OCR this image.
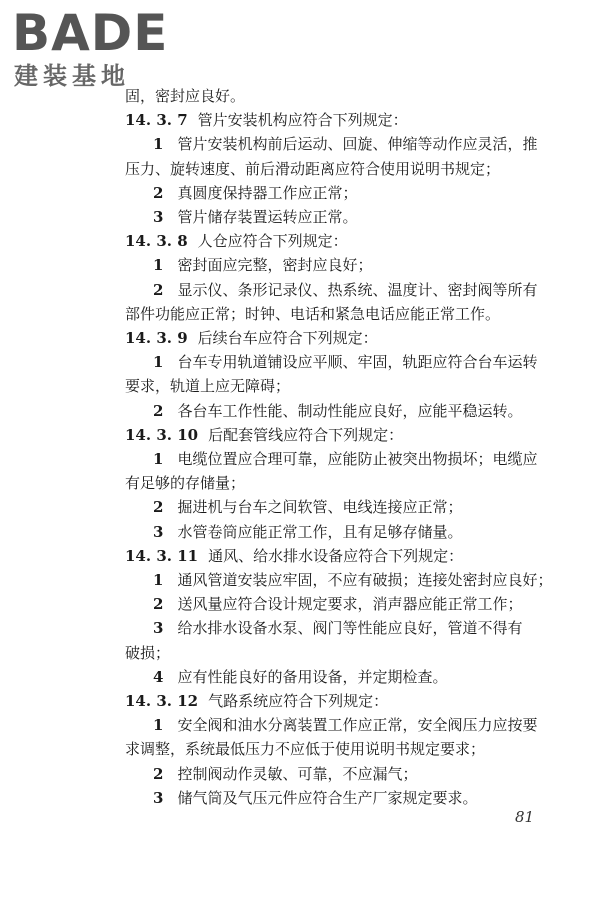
BADE
建装基地
固，密封应良好。
14. 3. 7 管片安装机构应符合下列规定：
1 管片安装机构前后运动、回旋、伸缩等动作应灵活，推
压力、旋转速度、前后滑动距离应符合使用说明书规定；
2 真圆度保持器工作应正常；
3 管片储存装置运转应正常。
14. 3. 8 人仓应符合下列规定：
1 密封面应完整，密封应良好；
2 显示仪、条形记录仪、热系统、温度计、密封阀等所有
部件功能应正常；时钟、电话和紧急电话应能正常工作。
14. 3. 9 后续台车应符合下列规定：
1 台车专用轨道铺设应平顺、牢固，轨距应符合台车运转
要求，轨道上应无障碍；
2 各台车工作性能、制动性能应良好，应能平稳运转。
14. 3. 10 后配套管线应符合下列规定：
1 电缆位置应合理可靠，应能防止被突出物损坏；电缆应
有足够的存储量；
2 掘进机与台车之间软管、电线连接应正常；
3 水管卷筒应能正常工作，且有足够存储量。
14. 3. 11 通风、给水排水设备应符合下列规定：
1 通风管道安装应牢固，不应有破损；连接处密封应良好；
2 送风量应符合设计规定要求，消声器应能正常工作；
3 给水排水设备水泵、阀门等性能应良好，管道不得有
破损；
4 应有性能良好的备用设备，并定期检查。
14. 3. 12 气路系统应符合下列规定：
1 安全阀和油水分离装置工作应正常，安全阀压力应按要
求调整，系统最低压力不应低于使用说明书规定要求；
2 控制阀动作灵敏、可靠，不应漏气；
3 储气筒及气压元件应符合生产厂家规定要求。
81
